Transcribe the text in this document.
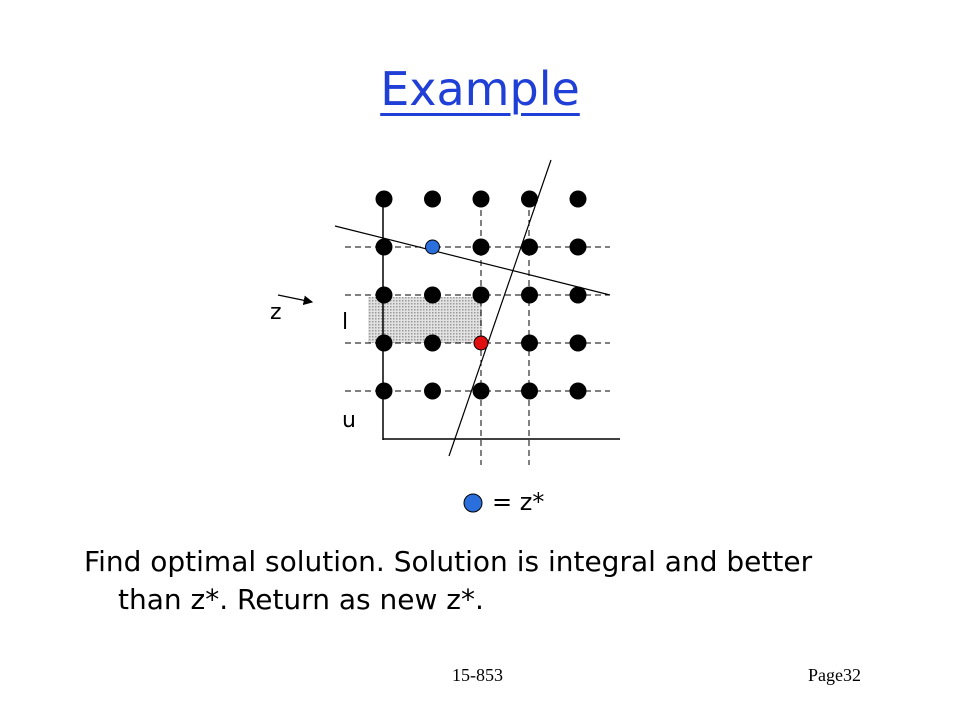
Example
z	l
u
= z*
Find optimal solution. Solution is integral and better
than z*. Return as new z*.
15-853	Page32
